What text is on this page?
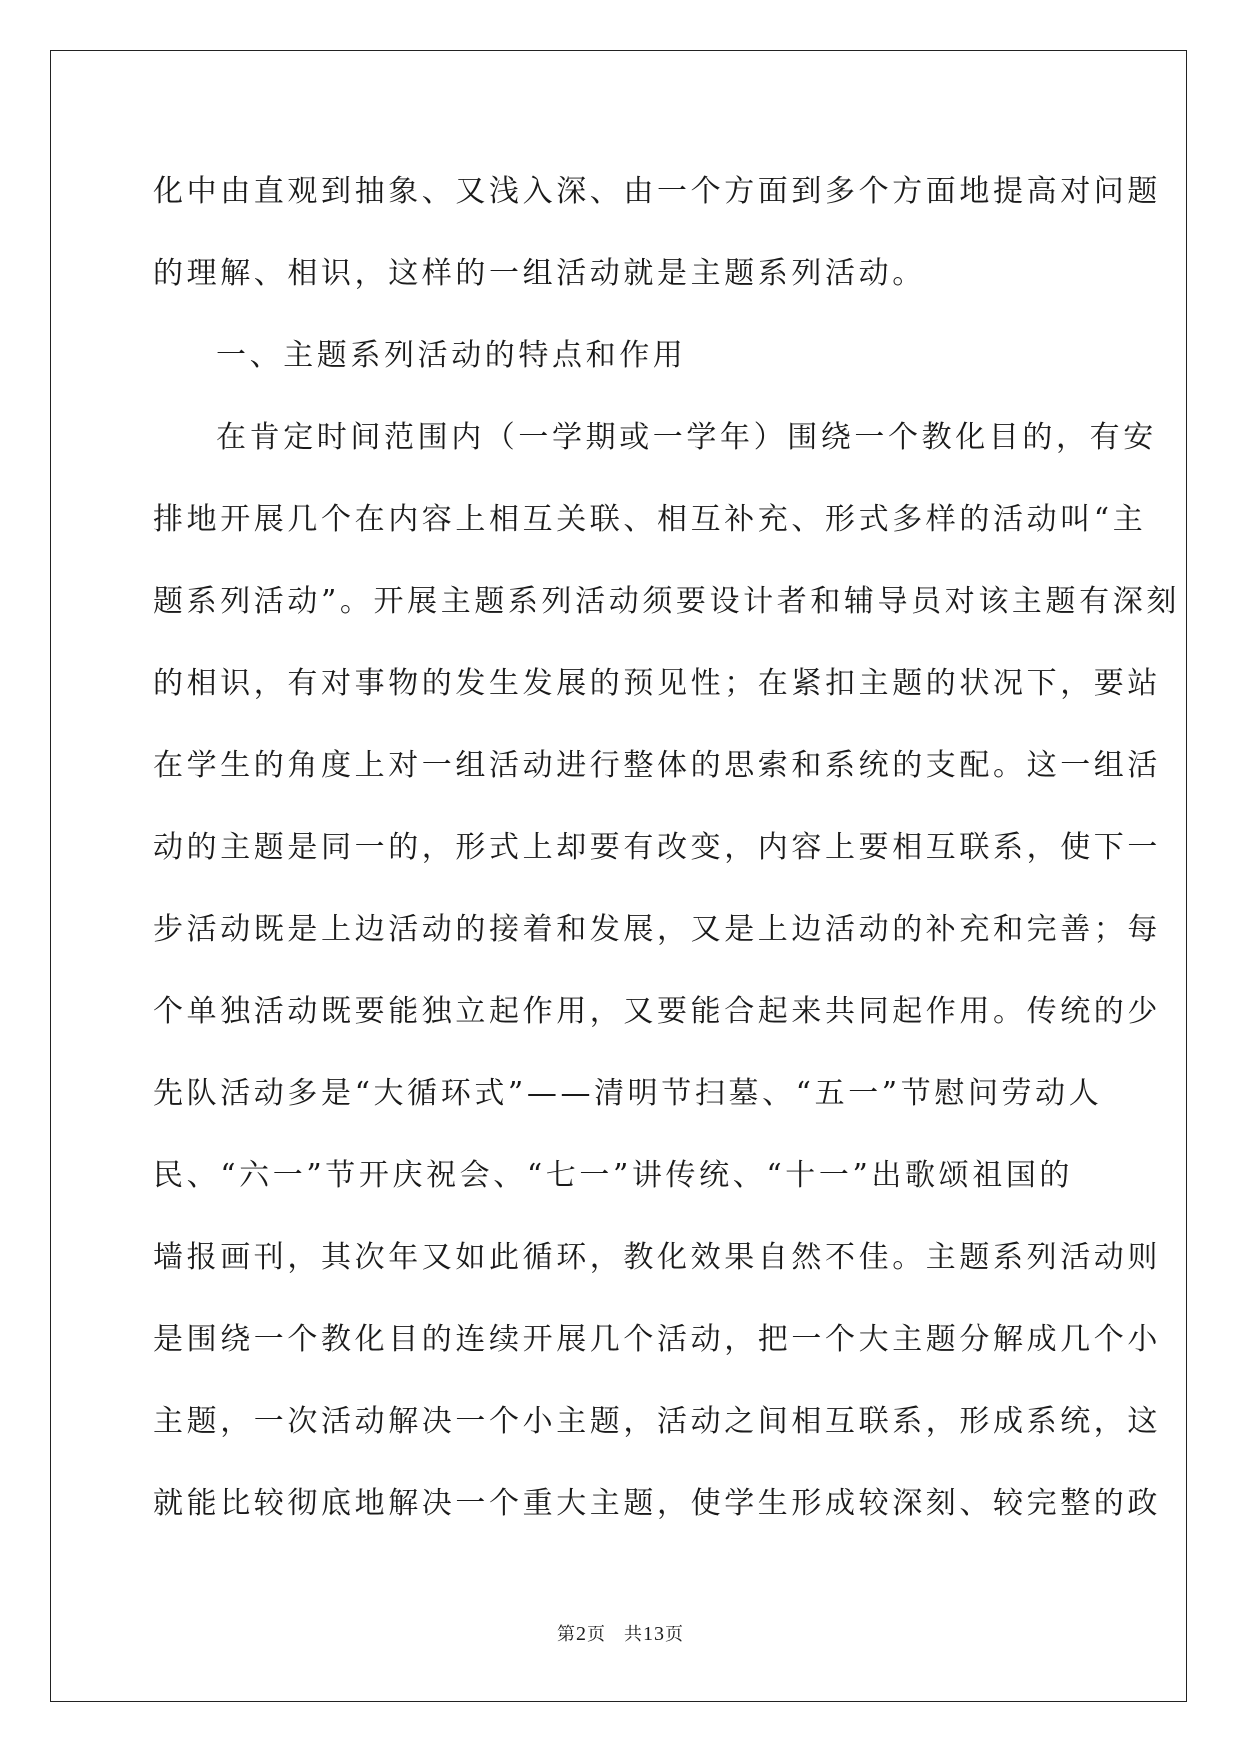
化中由直观到抽象、又浅入深、由一个方面到多个方面地提高对问题

的理解、相识，这样的一组活动就是主题系列活动。

一、主题系列活动的特点和作用

在肯定时间范围内（一学期或一学年）围绕一个教化目的，有安

排地开展几个在内容上相互关联、相互补充、形式多样的活动叫“主

题系列活动”。开展主题系列活动须要设计者和辅导员对该主题有深刻

的相识，有对事物的发生发展的预见性；在紧扣主题的状况下，要站

在学生的角度上对一组活动进行整体的思索和系统的支配。这一组活

动的主题是同一的，形式上却要有改变，内容上要相互联系，使下一

步活动既是上边活动的接着和发展，又是上边活动的补充和完善；每

个单独活动既要能独立起作用，又要能合起来共同起作用。传统的少

先队活动多是“大循环式”——清明节扫墓、“五一”节慰问劳动人

民、“六一”节开庆祝会、“七一”讲传统、“十一”出歌颂祖国的

墙报画刊，其次年又如此循环，教化效果自然不佳。主题系列活动则

是围绕一个教化目的连续开展几个活动，把一个大主题分解成几个小

主题，一次活动解决一个小主题，活动之间相互联系，形成系统，这

就能比较彻底地解决一个重大主题，使学生形成较深刻、较完整的政

第2页 共13页
